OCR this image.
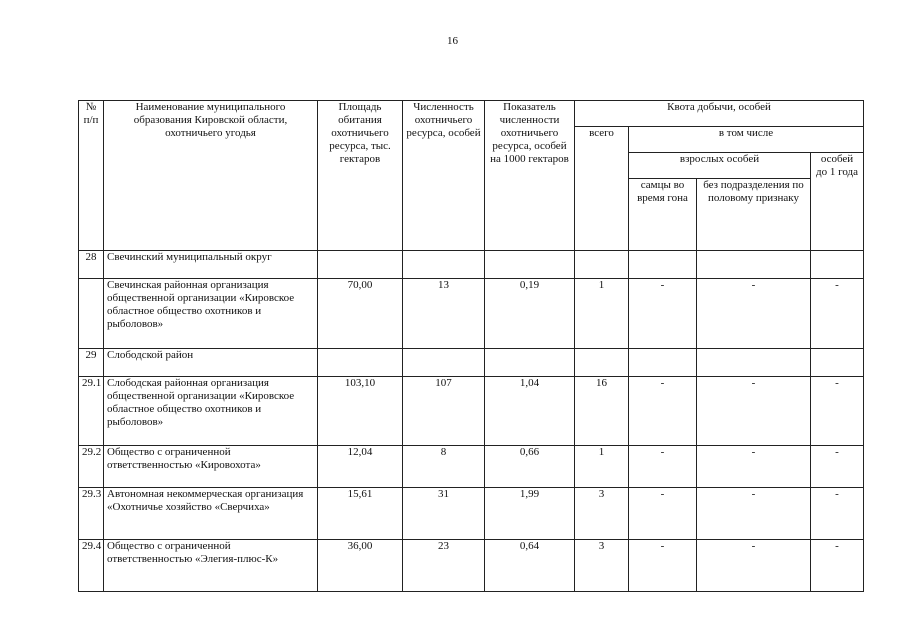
16
№ п/п	Наименование муниципального образования Кировской области, охотничьего угодья	Площадь обитания охотничьего ресурса, тыс. гектаров	Численность охотничьего ресурса, особей	Показатель численности охотничьего ресурса, особей на 1000 гектаров	Квота добычи, особей			
					всего	в том числе		
						взрослых особей		особей до 1 года
						самцы во время гона	без подразделения по половому признаку	
28	Свечинский муниципальный округ							
	Свечинская районная организация общественной организации «Кировское областное общество охотников и рыболовов»	70,00	13	0,19	1	-	-	-
29	Слободской район							
29.1	Слободская районная организация общественной организации «Кировское областное общество охотников и рыболовов»	103,10	107	1,04	16	-	-	-
29.2	Общество с ограниченной ответственностью «Кировохота»	12,04	8	0,66	1	-	-	-
29.3	Автономная некоммерческая организация «Охотничье хозяйство «Сверчиха»	15,61	31	1,99	3	-	-	-
29.4	Общество с ограниченной ответственностью «Элегия-плюс-К»	36,00	23	0,64	3	-	-	-
